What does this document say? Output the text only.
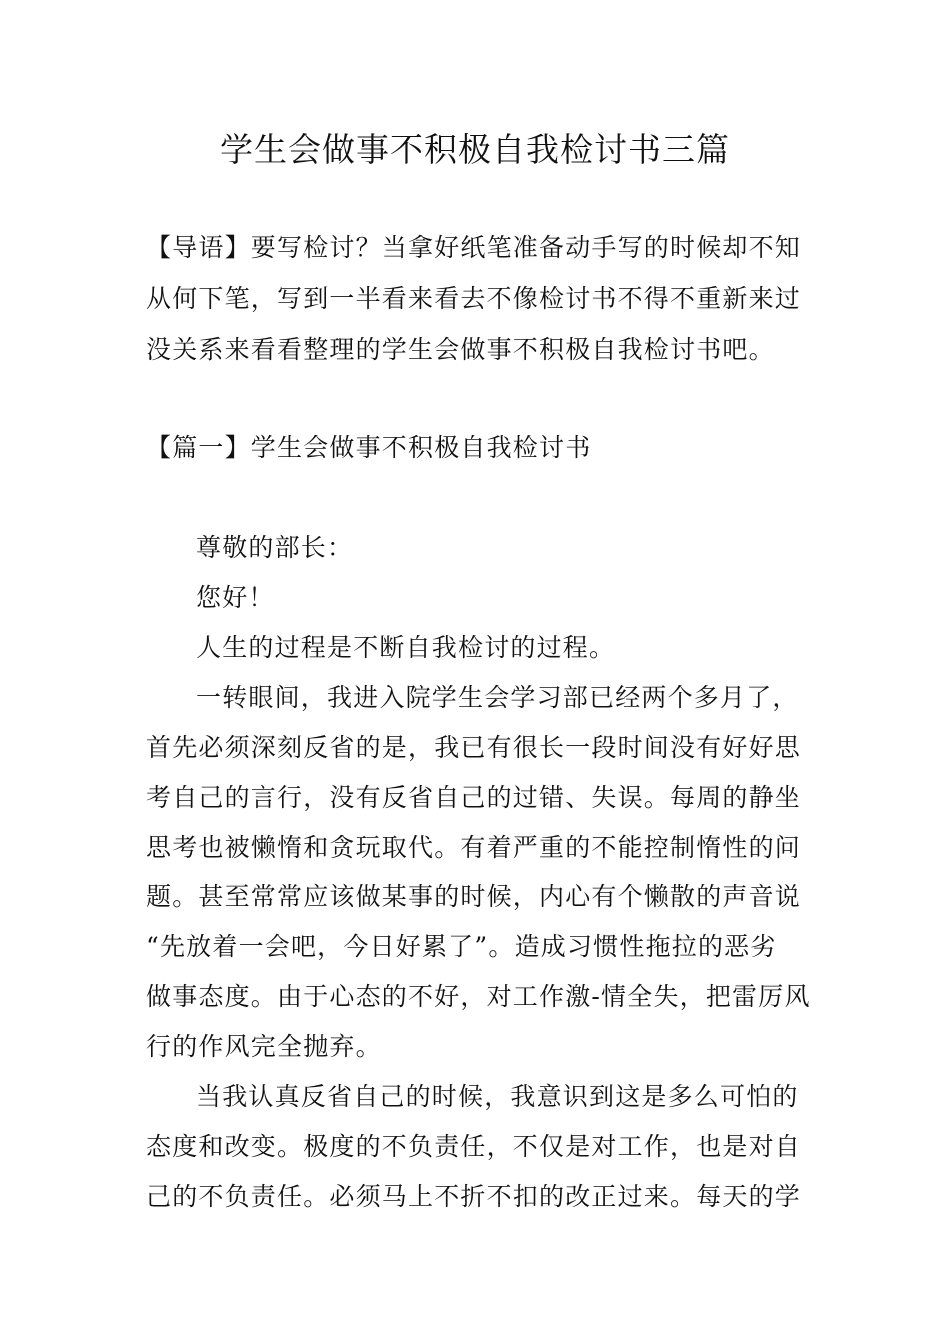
学生会做事不积极自我检讨书三篇
【导语】要写检讨？当拿好纸笔准备动手写的时候却不知
从何下笔，写到一半看来看去不像检讨书不得不重新来过
没关系来看看整理的学生会做事不积极自我检讨书吧。
【篇一】学生会做事不积极自我检讨书
尊敬的部长：
您好！
人生的过程是不断自我检讨的过程。
一转眼间，我进入院学生会学习部已经两个多月了，
首先必须深刻反省的是，我已有很长一段时间没有好好思
考自己的言行，没有反省自己的过错、失误。每周的静坐
思考也被懒惰和贪玩取代。有着严重的不能控制惰性的问
题。甚至常常应该做某事的时候，内心有个懒散的声音说
“先放着一会吧，今日好累了”。造成习惯性拖拉的恶劣
做事态度。由于心态的不好，对工作激-情全失，把雷厉风
行的作风完全抛弃。
当我认真反省自己的时候，我意识到这是多么可怕的
态度和改变。极度的不负责任，不仅是对工作，也是对自
己的不负责任。必须马上不折不扣的改正过来。每天的学
